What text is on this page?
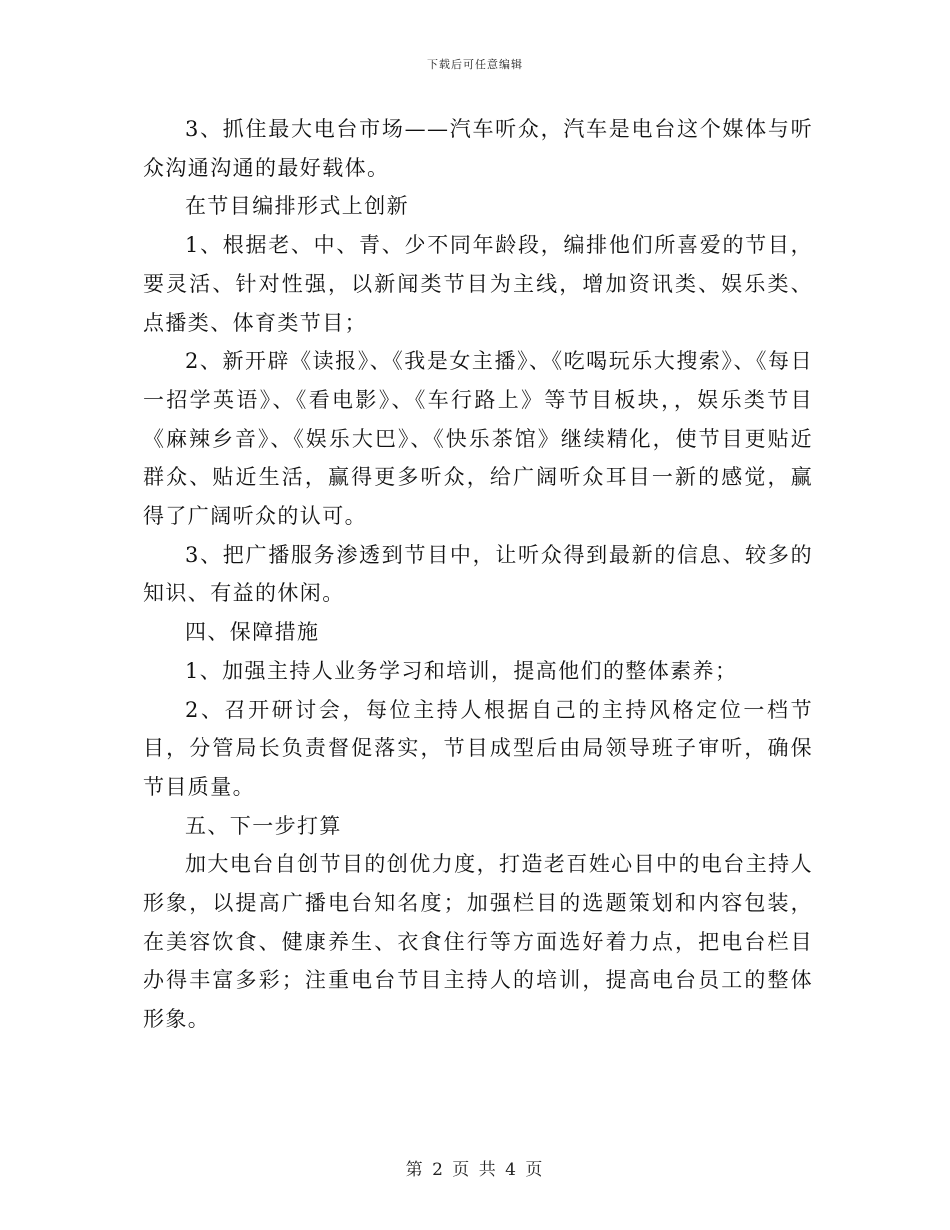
下载后可任意编辑

3、抓住最大电台市场——汽车听众，汽车是电台这个媒体与听众沟通沟通的最好载体。

在节目编排形式上创新

1、根据老、中、青、少不同年龄段，编排他们所喜爱的节目，要灵活、针对性强，以新闻类节目为主线，增加资讯类、娱乐类、点播类、体育类节目；

2、新开辟《读报》、《我是女主播》、《吃喝玩乐大搜索》、《每日一招学英语》、《看电影》、《车行路上》等节目板块，，娱乐类节目《麻辣乡音》、《娱乐大巴》、《快乐茶馆》继续精化，使节目更贴近群众、贴近生活，赢得更多听众，给广阔听众耳目一新的感觉，赢得了广阔听众的认可。

3、把广播服务渗透到节目中，让听众得到最新的信息、较多的知识、有益的休闲。

四、保障措施

1、加强主持人业务学习和培训，提高他们的整体素养；

2、召开研讨会，每位主持人根据自己的主持风格定位一档节目，分管局长负责督促落实，节目成型后由局领导班子审听，确保节目质量。

五、下一步打算

加大电台自创节目的创优力度，打造老百姓心目中的电台主持人形象，以提高广播电台知名度；加强栏目的选题策划和内容包装，在美容饮食、健康养生、衣食住行等方面选好着力点，把电台栏目办得丰富多彩；注重电台节目主持人的培训，提高电台员工的整体形象。

第 2 页 共 4 页
